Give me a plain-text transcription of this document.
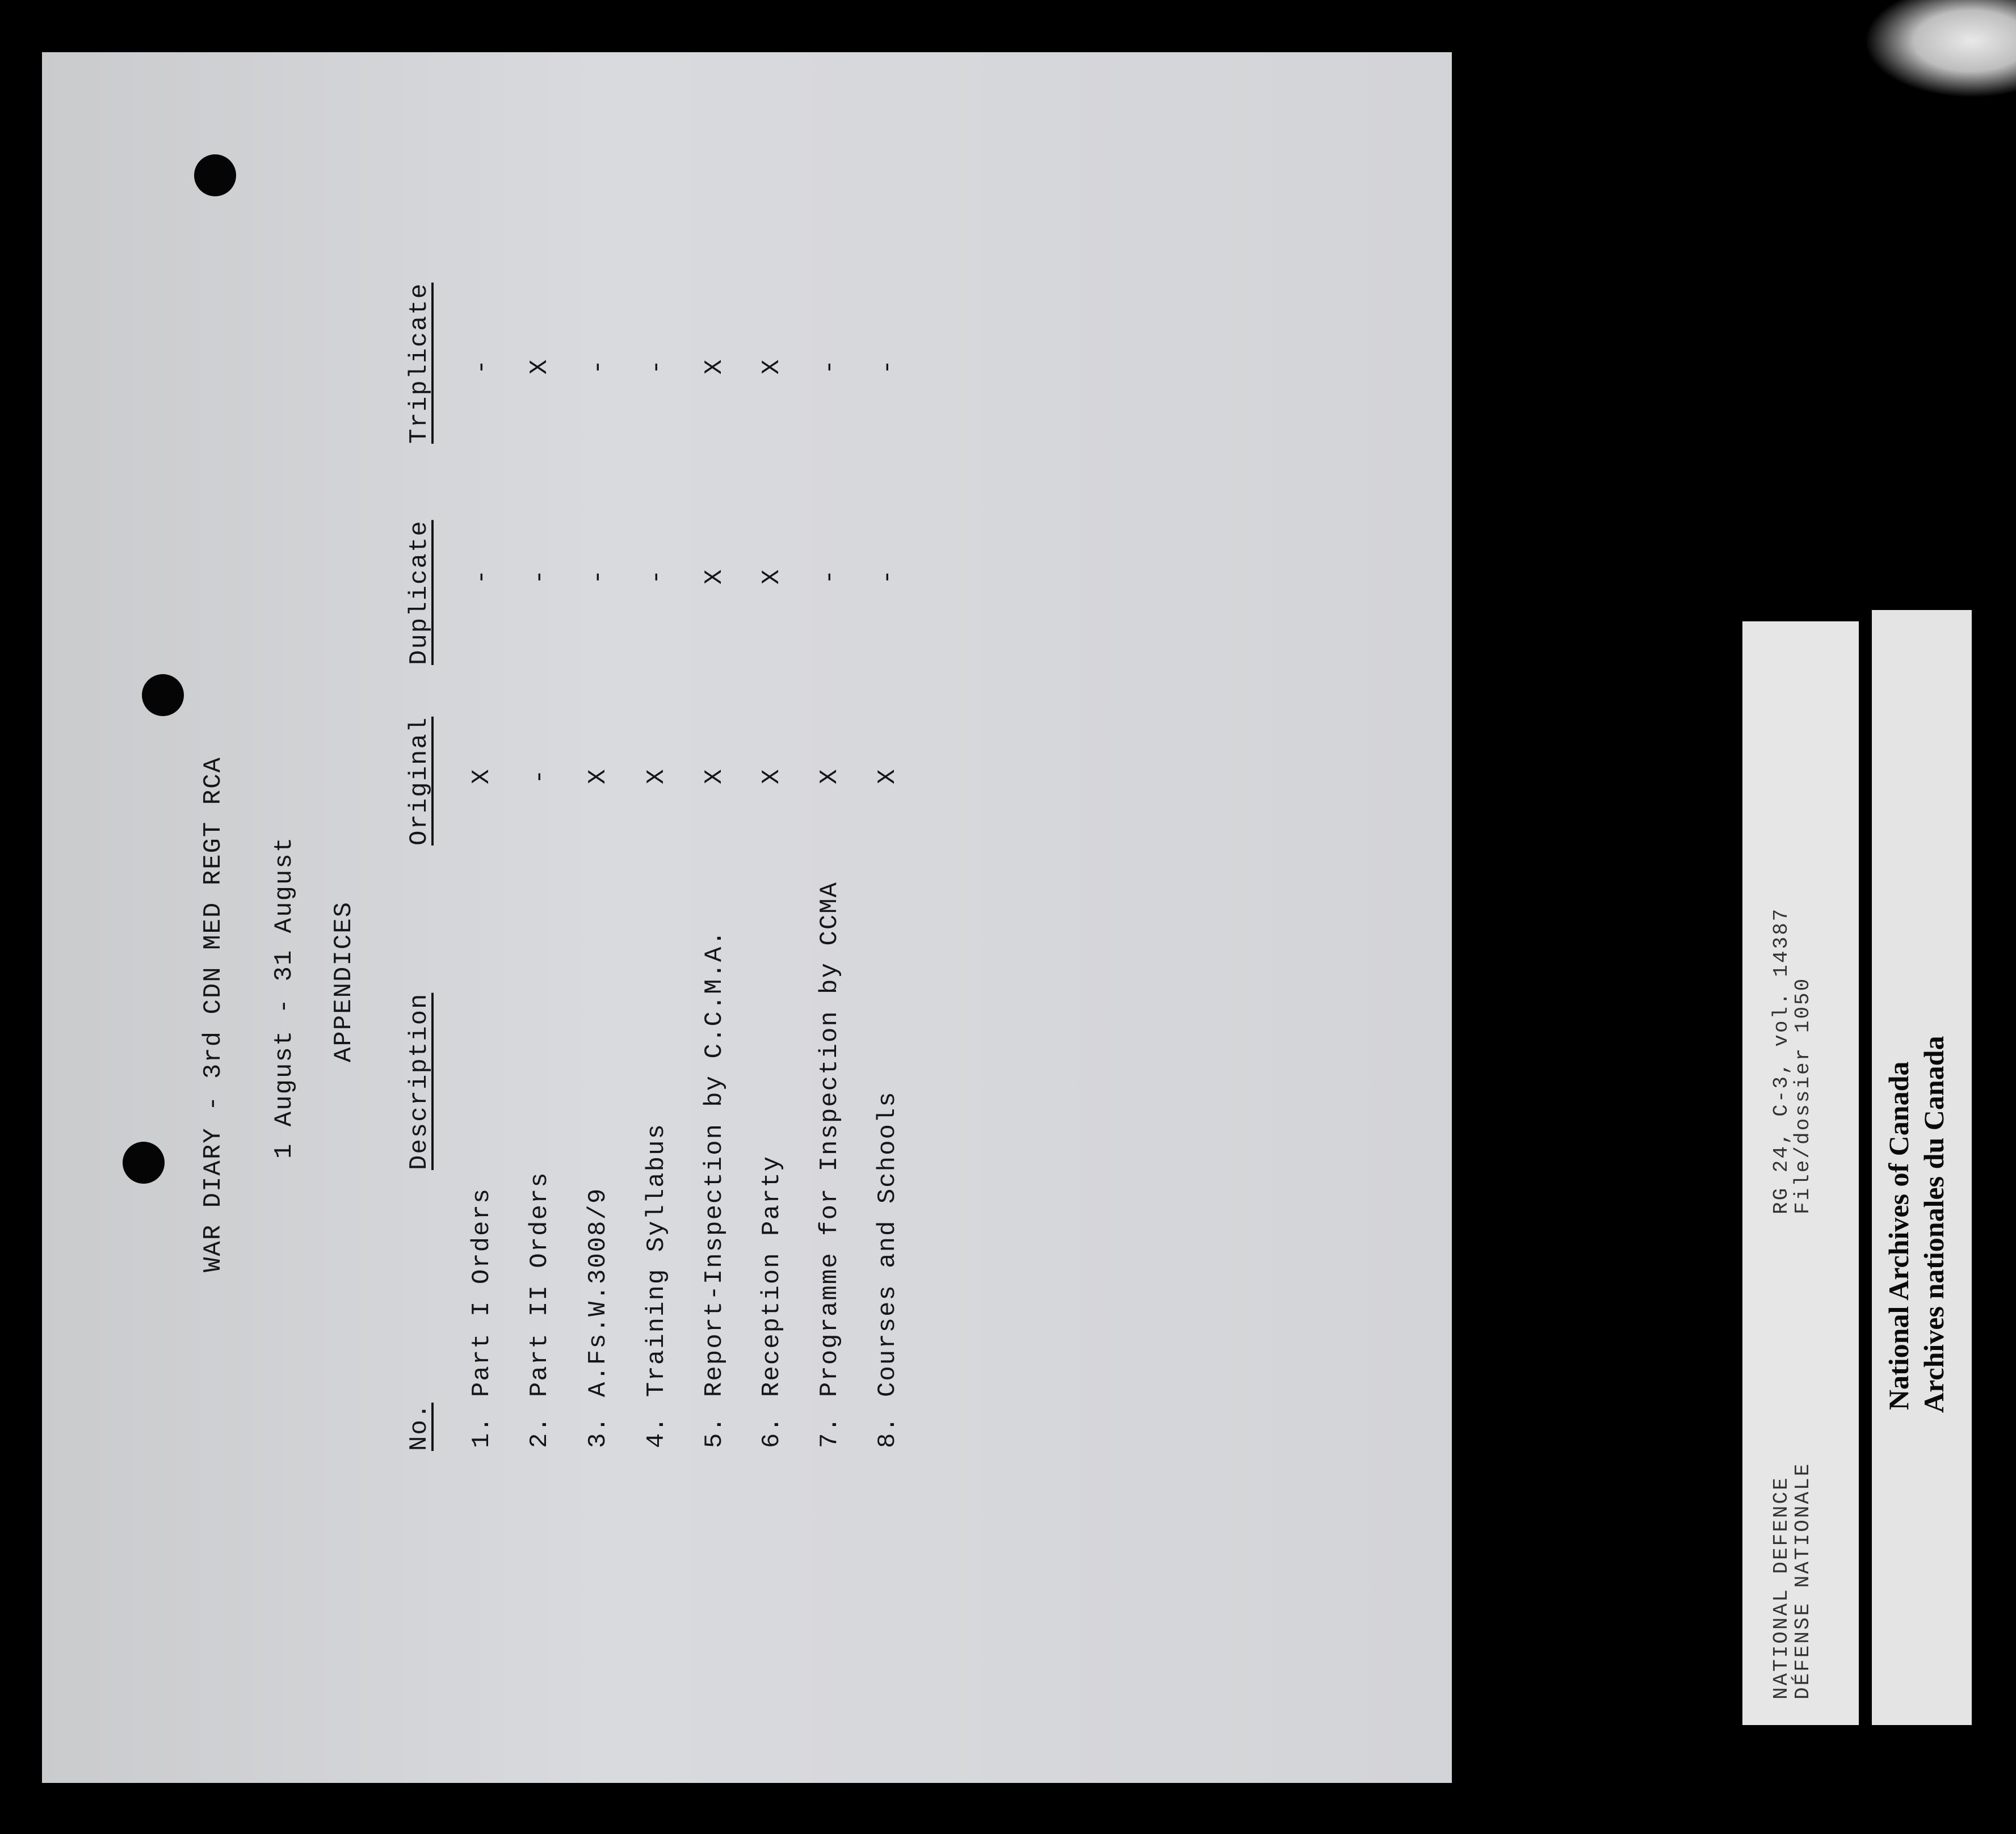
WAR DIARY - 3rd CDN MED REGT RCA 1 August - 31 August APPENDICES
No.
Description
Original
Duplicate
Triplicate
1.
Part I Orders
X
-
-
2.
Part II Orders
-
-
X
3.
A.Fs.W.3008/9
X
-
-
4.
Training Syllabus
X
-
-
5.
Report-Inspection by C.C.M.A.
X
X
X
6.
Reception Party
X
X
X
7.
Programme for Inspection by CCMA
X
-
-
8.
Courses and Schools
X
-
-
NATIONAL DEFENCE
DÉFENSE NATIONALE
RG 24, C-3, vol. 14387
File/dossier 1050 National Archives of Canada Archives nationales du Canada
